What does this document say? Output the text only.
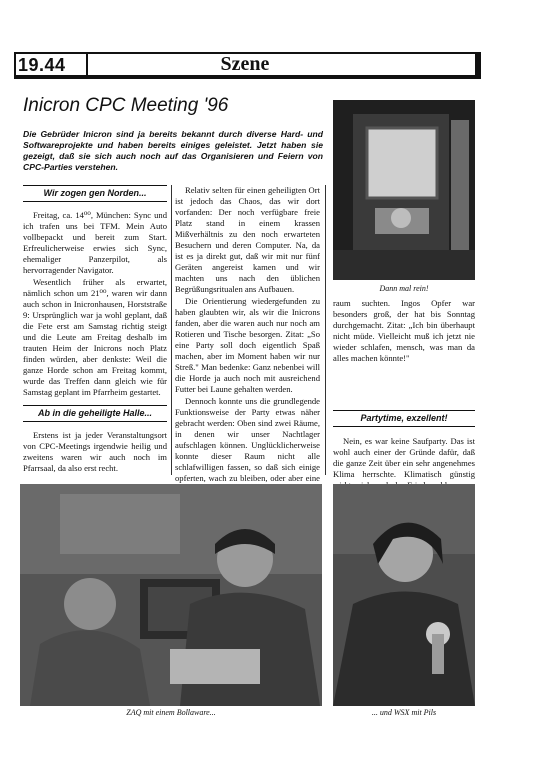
19.44	Szene
Inicron CPC Meeting '96
Die Gebrüder Inicron sind ja bereits bekannt durch diverse Hard- und Softwareprojekte und haben bereits einiges geleistet. Jetzt haben sie gezeigt, daß sie sich auch noch auf das Organisieren und Feiern von CPC-Parties verstehen.
Wir zogen gen Norden...

Freitag, ca. 14⁰⁰, München: Sync und ich trafen uns bei TFM. Mein Auto vollbepackt und bereit zum Start. Erfreulicherweise erwies sich Sync, ehemaliger Panzerpilot, als hervorragender Navigator.

Wesentlich früher als erwartet, nämlich schon um 21⁰⁰, waren wir dann auch schon in Inicronhausen, Horststraße 9: Ursprünglich war ja wohl geplant, daß die Fete erst am Samstag richtig steigt und die Leute am Freitag deshalb im trauten Heim der Inicrons noch Platz finden würden, aber denkste: Weil die ganze Horde schon am Freitag kommt, wurde das Treffen dann gleich wie für Samstag geplant im Pfarrheim gestartet.

Ab in die geheiligte Halle...

Erstens ist ja jeder Veranstaltungsort von CPC-Meetings irgendwie heilig und zweitens waren wir auch noch im Pfarrsaal, da also erst recht.

Relativ selten für einen geheiligten Ort ist jedoch das Chaos, das wir dort vorfanden: Der noch verfügbare freie Platz stand in einem krassen Mißverhältnis zu den noch erwarteten Besuchern und deren Computer. Na, da ist es ja direkt gut, daß wir mit nur fünf Geräten angereist kamen und wir machten uns nach den üblichen Begrüßungsritualen ans Aufbauen.

Die Orientierung wiedergefunden zu haben glaubten wir, als wir die Inicrons fanden, aber die waren auch nur noch am Rotieren und Tische besorgen. Zitat: „So eine Party soll doch eigentlich Spaß machen, aber im Moment haben wir nur Streß." Man bedenke: Ganz nebenbei will die Horde ja auch noch mit ausreichend Futter bei Laune gehalten werden.

Dennoch konnte uns die grundlegende Funktionsweise der Party etwas näher gebracht werden: Oben sind zwei Räume, in denen wir unser Nachtlager aufschlagen können. Unglücklicherweise konnte dieser Raum nicht alle schlafwilligen fassen, so daß sich einige opferten, wach zu bleiben, oder aber eine

Dann mal rein!

raum suchten. Ingos Opfer war besonders groß, der hat bis Sonntag durchgemacht. Zitat: „Ich bin überhaupt nicht müde. Vielleicht muß ich jetzt nie wieder schlafen, mensch, was man da alles machen könnte!"

Partytime, exzellent!

Nein, es war keine Saufparty. Das ist wohl auch einer der Gründe dafür, daß die ganze Zeit über ein sehr angenehmes Klima herrschte. Klimatisch günstig

ZAQ mit einem Bollaware...	... und WSX mit Pils
